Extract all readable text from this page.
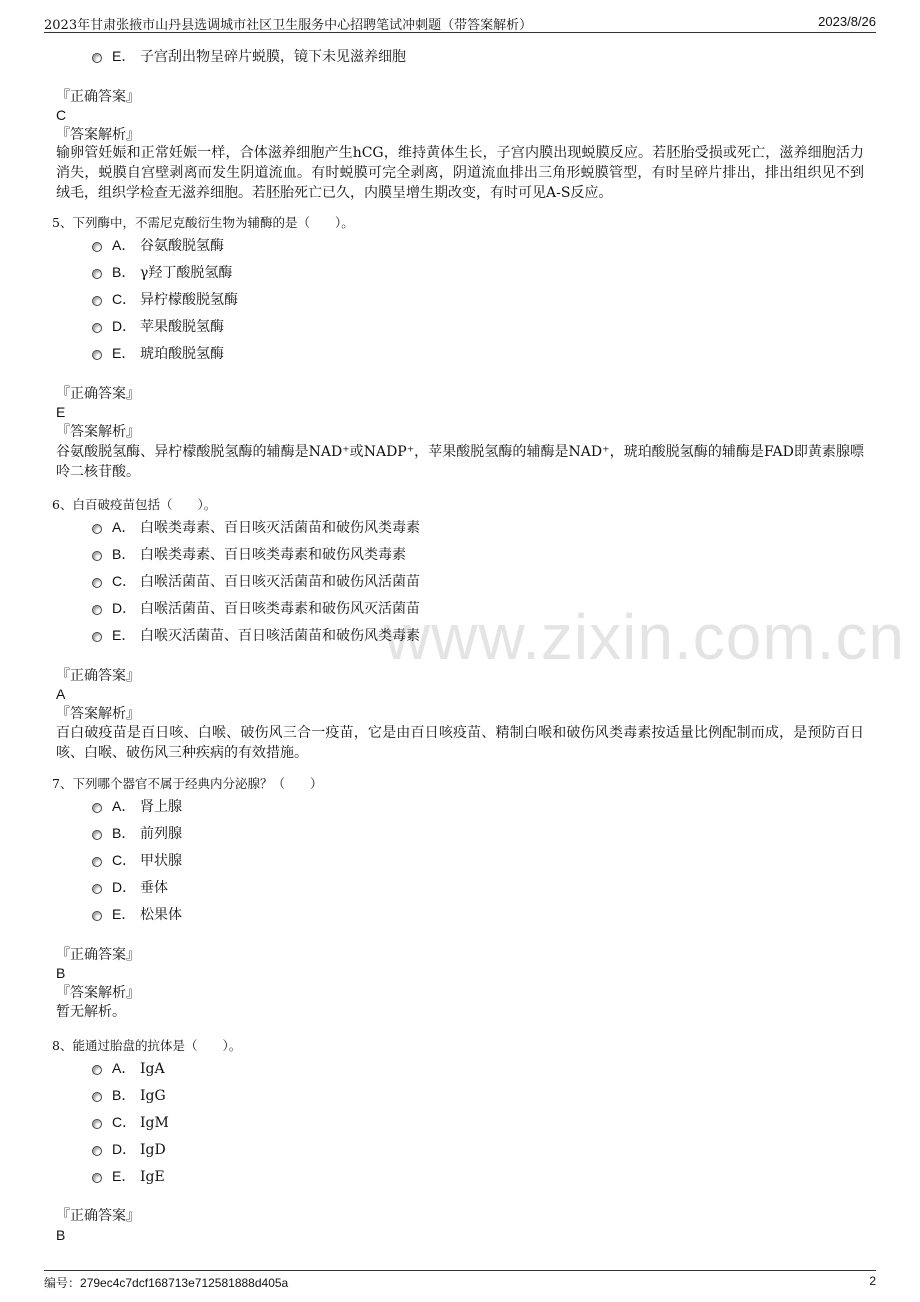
2023年甘肃张掖市山丹县选调城市社区卫生服务中心招聘笔试冲刺题（带答案解析）	2023/8/26
www.zixin.com.cn
E． 子宫刮出物呈碎片蜕膜，镜下未见滋养细胞
『正确答案』
C
『答案解析』
输卵管妊娠和正常妊娠一样，合体滋养细胞产生hCG，维持黄体生长，子宫内膜出现蜕膜反应。若胚胎受损或死亡，滋养细胞活力消失，蜕膜自宫壁剥离而发生阴道流血。有时蜕膜可完全剥离，阴道流血排出三角形蜕膜管型，有时呈碎片排出，排出组织见不到绒毛，组织学检查无滋养细胞。若胚胎死亡已久，内膜呈增生期改变，有时可见A-S反应。
5、下列酶中，不需尼克酸衍生物为辅酶的是（　　）。
A． 谷氨酸脱氢酶
B． γ羟丁酸脱氢酶
C． 异柠檬酸脱氢酶
D． 苹果酸脱氢酶
E． 琥珀酸脱氢酶
『正确答案』
E
『答案解析』
谷氨酸脱氢酶、异柠檬酸脱氢酶的辅酶是NAD⁺或NADP⁺，苹果酸脱氢酶的辅酶是NAD⁺，琥珀酸脱氢酶的辅酶是FAD即黄素腺嘌呤二核苷酸。
6、白百破疫苗包括（　　）。
A． 白喉类毒素、百日咳灭活菌苗和破伤风类毒素
B． 白喉类毒素、百日咳类毒素和破伤风类毒素
C． 白喉活菌苗、百日咳灭活菌苗和破伤风活菌苗
D． 白喉活菌苗、百日咳类毒素和破伤风灭活菌苗
E． 白喉灭活菌苗、百日咳活菌苗和破伤风类毒素
『正确答案』
A
『答案解析』
百白破疫苗是百日咳、白喉、破伤风三合一疫苗，它是由百日咳疫苗、精制白喉和破伤风类毒素按适量比例配制而成，是预防百日咳、白喉、破伤风三种疾病的有效措施。
7、下列哪个器官不属于经典内分泌腺？（　　）
A． 肾上腺
B． 前列腺
C． 甲状腺
D． 垂体
E． 松果体
『正确答案』
B
『答案解析』
暂无解析。
8、能通过胎盘的抗体是（　　）。
A． IgA
B． IgG
C． IgM
D． IgD
E． IgE
『正确答案』
B
编号：279ec4c7dcf168713e712581888d405a	2
